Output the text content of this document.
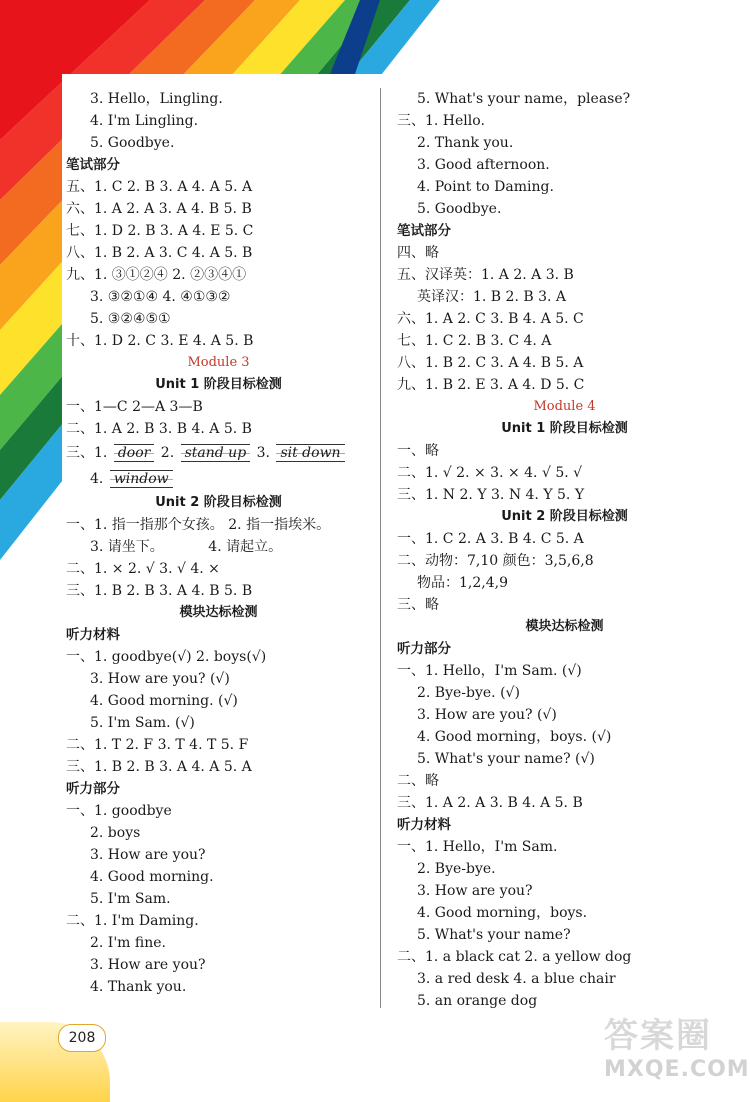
3. Hello，Lingling.
4. I'm Lingling.
5. Goodbye.
笔试部分
五、1. C 2. B 3. A 4. A 5. A
六、1. A 2. A 3. A 4. B 5. B
七、1. D 2. B 3. A 4. E 5. C
八、1. B 2. A 3. C 4. A 5. B
九、1. ③①②④ 2. ②③④①
3. ③②①④ 4. ④①③②
5. ③②④⑤①
十、1. D 2. C 3. E 4. A 5. B
Module 3
Unit 1 阶段目标检测
一、1—C 2—A 3—B
二、1. A 2. B 3. B 4. A 5. B
三、1. door 2. stand up 3. sit down
4. window
Unit 2 阶段目标检测
一、1. 指一指那个女孩。 2. 指一指埃米。
3. 请坐下。          4. 请起立。
二、1. × 2. √ 3. √ 4. ×
三、1. B 2. B 3. A 4. B 5. B
模块达标检测
听力材料
一、1. goodbye(√) 2. boys(√)
3. How are you? (√)
4. Good morning. (√)
5. I'm Sam. (√)
二、1. T 2. F 3. T 4. T 5. F
三、1. B 2. B 3. A 4. A 5. A
听力部分
一、1. goodbye
2. boys
3. How are you?
4. Good morning.
5. I'm Sam.
二、1. I'm Daming.
2. I'm fine.
3. How are you?
4. Thank you.
5. What's your name，please?
三、1. Hello.
2. Thank you.
3. Good afternoon.
4. Point to Daming.
5. Goodbye.
笔试部分
四、略
五、汉译英：1. A 2. A 3. B
英译汉：1. B 2. B 3. A
六、1. A 2. C 3. B 4. A 5. C
七、1. C 2. B 3. C 4. A
八、1. B 2. C 3. A 4. B 5. A
九、1. B 2. E 3. A 4. D 5. C
Module 4
Unit 1 阶段目标检测
一、略
二、1. √ 2. × 3. × 4. √ 5. √
三、1. N 2. Y 3. N 4. Y 5. Y
Unit 2 阶段目标检测
一、1. C 2. A 3. B 4. C 5. A
二、动物：7,10 颜色：3,5,6,8
物品：1,2,4,9
三、略
模块达标检测
听力部分
一、1. Hello，I'm Sam. (√)
2. Bye-bye. (√)
3. How are you? (√)
4. Good morning，boys. (√)
5. What's your name? (√)
二、略
三、1. A 2. A 3. B 4. A 5. B
听力材料
一、1. Hello，I'm Sam.
2. Bye-bye.
3. How are you?
4. Good morning，boys.
5. What's your name?
二、1. a black cat 2. a yellow dog
3. a red desk 4. a blue chair
5. an orange dog
208	答案圈
MXQE.COM
